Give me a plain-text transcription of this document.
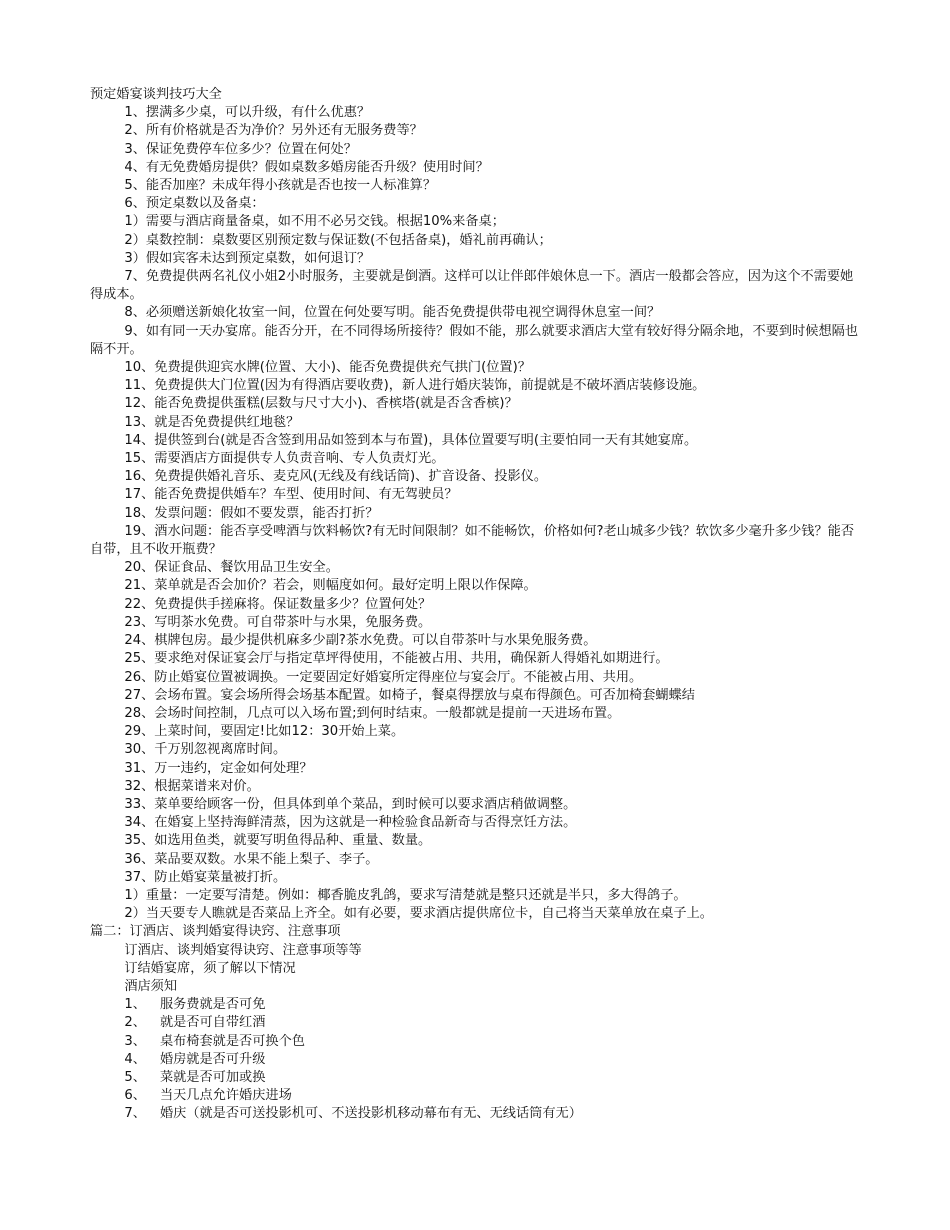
预定婚宴谈判技巧大全
1、摆满多少桌，可以升级，有什么优惠？
2、所有价格就是否为净价？另外还有无服务费等？
3、保证免费停车位多少？位置在何处？
4、有无免费婚房提供？假如桌数多婚房能否升级？使用时间？
5、能否加座？未成年得小孩就是否也按一人标准算？
6、预定桌数以及备桌：
1）需要与酒店商量备桌，如不用不必另交钱。根据10%来备桌；
2）桌数控制：桌数要区别预定数与保证数(不包括备桌)，婚礼前再确认；
3）假如宾客未达到预定桌数，如何退订？
7、免费提供两名礼仪小姐2小时服务，主要就是倒酒。这样可以让伴郎伴娘休息一下。酒店一般都会答应，因为这个不需要她得成本。
8、必须赠送新娘化妆室一间，位置在何处要写明。能否免费提供带电视空调得休息室一间？
9、如有同一天办宴席。能否分开，在不同得场所接待？假如不能，那么就要求酒店大堂有较好得分隔余地，不要到时候想隔也隔不开。
10、免费提供迎宾水牌(位置、大小)、能否免费提供充气拱门(位置)？
11、免费提供大门位置(因为有得酒店要收费)，新人进行婚庆装饰，前提就是不破坏酒店装修设施。
12、能否免费提供蛋糕(层数与尺寸大小)、香槟塔(就是否含香槟)？
13、就是否免费提供红地毯？
14、提供签到台(就是否含签到用品如签到本与布置)，具体位置要写明(主要怕同一天有其她宴席。
15、需要酒店方面提供专人负责音响、专人负责灯光。
16、免费提供婚礼音乐、麦克风(无线及有线话筒)、扩音设备、投影仪。
17、能否免费提供婚车？车型、使用时间、有无驾驶员？
18、发票问题：假如不要发票，能否打折？
19、酒水问题：能否享受啤酒与饮料畅饮?有无时间限制？如不能畅饮，价格如何?老山城多少钱？软饮多少毫升多少钱？能否自带，且不收开瓶费？
20、保证食品、餐饮用品卫生安全。
21、菜单就是否会加价？若会，则幅度如何。最好定明上限以作保障。
22、免费提供手搓麻将。保证数量多少？位置何处？
23、写明茶水免费。可自带茶叶与水果，免服务费。
24、棋牌包房。最少提供机麻多少副?茶水免费。可以自带茶叶与水果免服务费。
25、要求绝对保证宴会厅与指定草坪得使用，不能被占用、共用，确保新人得婚礼如期进行。
26、防止婚宴位置被调换。一定要固定好婚宴所定得座位与宴会厅。不能被占用、共用。
27、会场布置。宴会场所得会场基本配置。如椅子，餐桌得摆放与桌布得颜色。可否加椅套蝴蝶结
28、会场时间控制，几点可以入场布置;到何时结束。一般都就是提前一天进场布置。
29、上菜时间，要固定!比如12：30开始上菜。
30、千万别忽视离席时间。
31、万一违约，定金如何处理？
32、根据菜谱来对价。
33、菜单要给顾客一份，但具体到单个菜品，到时候可以要求酒店稍做调整。
34、在婚宴上坚持海鲜清蒸，因为这就是一种检验食品新奇与否得烹饪方法。
35、如选用鱼类，就要写明鱼得品种、重量、数量。
36、菜品要双数。水果不能上梨子、李子。
37、防止婚宴菜量被打折。
1）重量：一定要写清楚。例如：椰香脆皮乳鸽，要求写清楚就是整只还就是半只，多大得鸽子。
2）当天要专人瞧就是否菜品上齐全。如有必要，要求酒店提供席位卡，自己将当天菜单放在桌子上。
篇二：订酒店、谈判婚宴得诀窍、注意事项
订酒店、谈判婚宴得诀窍、注意事项等等
订结婚宴席，须了解以下情况
酒店须知
1、 服务费就是否可免
2、 就是否可自带红酒
3、 桌布椅套就是否可换个色
4、 婚房就是否可升级
5、 菜就是否可加或换
6、 当天几点允许婚庆进场
7、 婚庆（就是否可送投影机可、不送投影机移动幕布有无、无线话筒有无）
